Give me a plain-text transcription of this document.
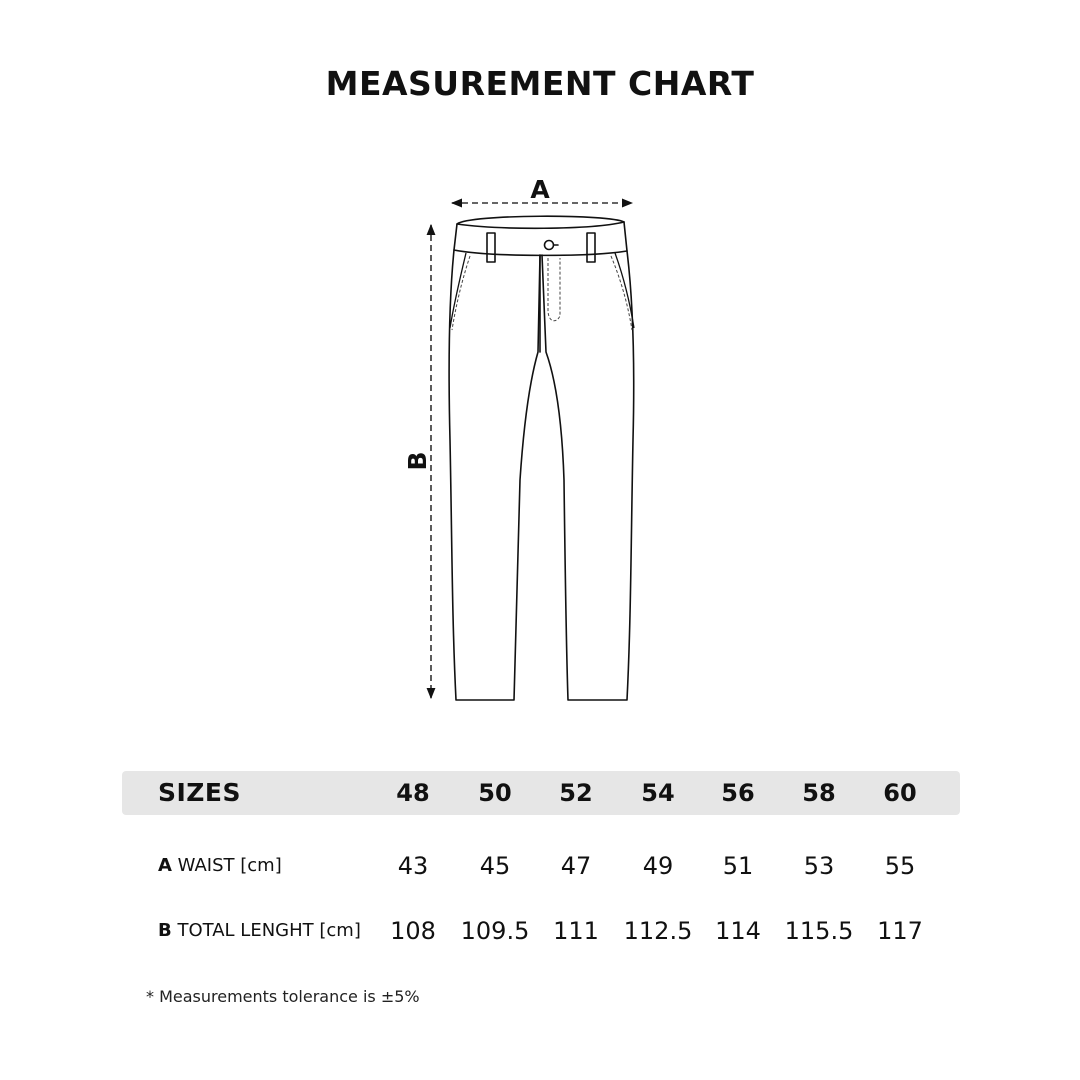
MEASUREMENT CHART
A
B
SIZES	48	50	52	54	56	58	60
A WAIST [cm]	43	45	47	49	51	53	55
B TOTAL LENGHT [cm]	108	109.5 111	112.5 114 115.5 117
* Measurements tolerance is ±5%
